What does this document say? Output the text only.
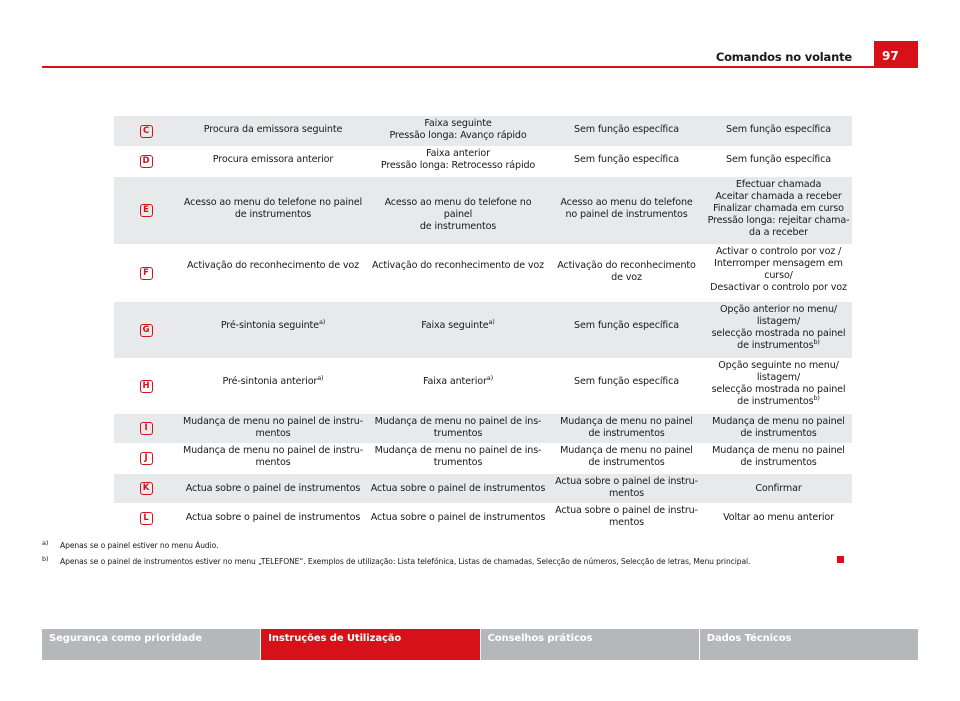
Comandos no volante	97
C	Procura da emissora seguinte	Faixa seguinte
Pressão longa: Avanço rápido	Sem função específica	Sem função específica

D	Procura emissora anterior	Faixa anterior
Pressão longa: Retrocesso rápido	Sem função específica	Sem função específica

E	Acesso ao menu do telefone no painel
de instrumentos	Acesso ao menu do telefone no painel
de instrumentos	Acesso ao menu do telefone
no painel de instrumentos	Efectuar chamada
Aceitar chamada a receber
Finalizar chamada em curso
Pressão longa: rejeitar chama-
da a receber

F	Activação do reconhecimento de voz	Activação do reconhecimento de voz	Activação do reconhecimento
de voz	Activar o controlo por voz /
Interromper mensagem em
curso/
Desactivar o controlo por voz

G	Pré-sintonia seguinte$^{a)}$	Faixa seguinte$^{a)}$	Sem função específica	Opção anterior no menu/
listagem/
selecção mostrada no painel
de instrumentos$^{b)}$

H	Pré-sintonia anterior$^{a)}$	Faixa anterior$^{a)}$	Sem função específica	Opção seguinte no menu/
listagem/
selecção mostrada no painel
de instrumentos$^{b)}$

I	Mudança de menu no painel de instru-
mentos	Mudança de menu no painel de ins-
trumentos	Mudança de menu no painel
de instrumentos	Mudança de menu no painel
de instrumentos

J	Mudança de menu no painel de instru-
mentos	Mudança de menu no painel de ins-
trumentos	Mudança de menu no painel
de instrumentos	Mudança de menu no painel
de instrumentos

K	Actua sobre o painel de instrumentos	Actua sobre o painel de instrumentos	Actua sobre o painel de instru-
mentos	Confirmar

L	Actua sobre o painel de instrumentos	Actua sobre o painel de instrumentos	Actua sobre o painel de instru-
mentos	Voltar ao menu anterior
a) Apenas se o painel estiver no menu Áudio.
b) Apenas se o painel de instrumentos estiver no menu „TELEFONE“. Exemplos de utilização: Lista telefónica, Listas de chamadas, Selecção de números, Selecção de letras, Menu principal.
Segurança como prioridade	Instruções de Utilização	Conselhos práticos	Dados Técnicos
